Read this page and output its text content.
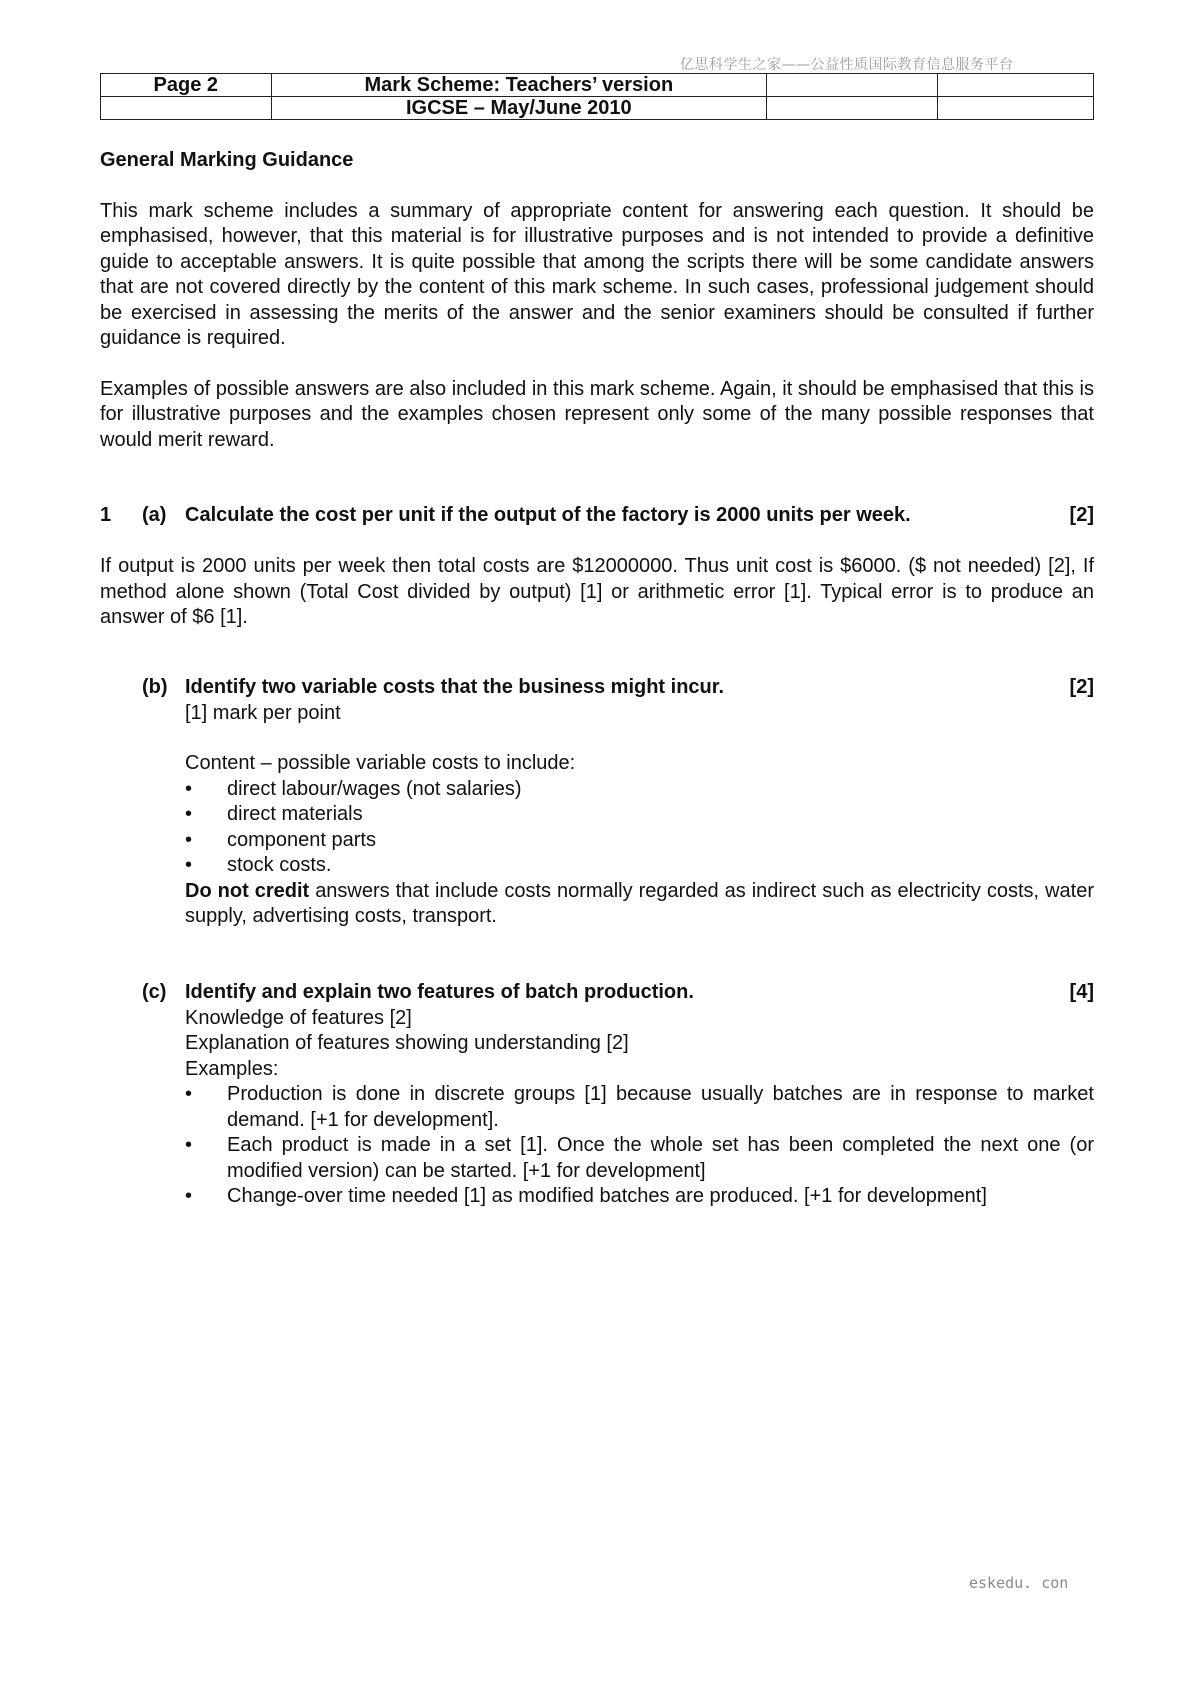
亿思科学生之家——公益性质国际教育信息服务平台
Page 2	Mark Scheme: Teachers’ version		
	IGCSE – May/June 2010		

General Marking Guidance

This mark scheme includes a summary of appropriate content for answering each question. It should be emphasised, however, that this material is for illustrative purposes and is not intended to provide a definitive guide to acceptable answers. It is quite possible that among the scripts there will be some candidate answers that are not covered directly by the content of this mark scheme. In such cases, professional judgement should be exercised in assessing the merits of the answer and the senior examiners should be consulted if further guidance is required.

Examples of possible answers are also included in this mark scheme. Again, it should be emphasised that this is for illustrative purposes and the examples chosen represent only some of the many possible responses that would merit reward.

1 (a) Calculate the cost per unit if the output of the factory is 2000 units per week.	[2]

If output is 2000 units per week then total costs are $12000000. Thus unit cost is $6000. ($ not needed) [2], If method alone shown (Total Cost divided by output) [1] or arithmetic error [1]. Typical error is to produce an answer of $6 [1].

(b) Identify two variable costs that the business might incur.	[2]

[1] mark per point

Content – possible variable costs to include:

• direct labour/wages (not salaries)
• direct materials
• component parts
• stock costs.

Do not credit answers that include costs normally regarded as indirect such as electricity costs, water supply, advertising costs, transport.

(c) Identify and explain two features of batch production.	[4]

Knowledge of features [2]

Explanation of features showing understanding [2]

Examples:

• Production is done in discrete groups [1] because usually batches are in response to market demand. [+1 for development].
• Each product is made in a set [1]. Once the whole set has been completed the next one (or modified version) can be started. [+1 for development]
• Change-over time needed [1] as modified batches are produced. [+1 for development]
eskedu. con
